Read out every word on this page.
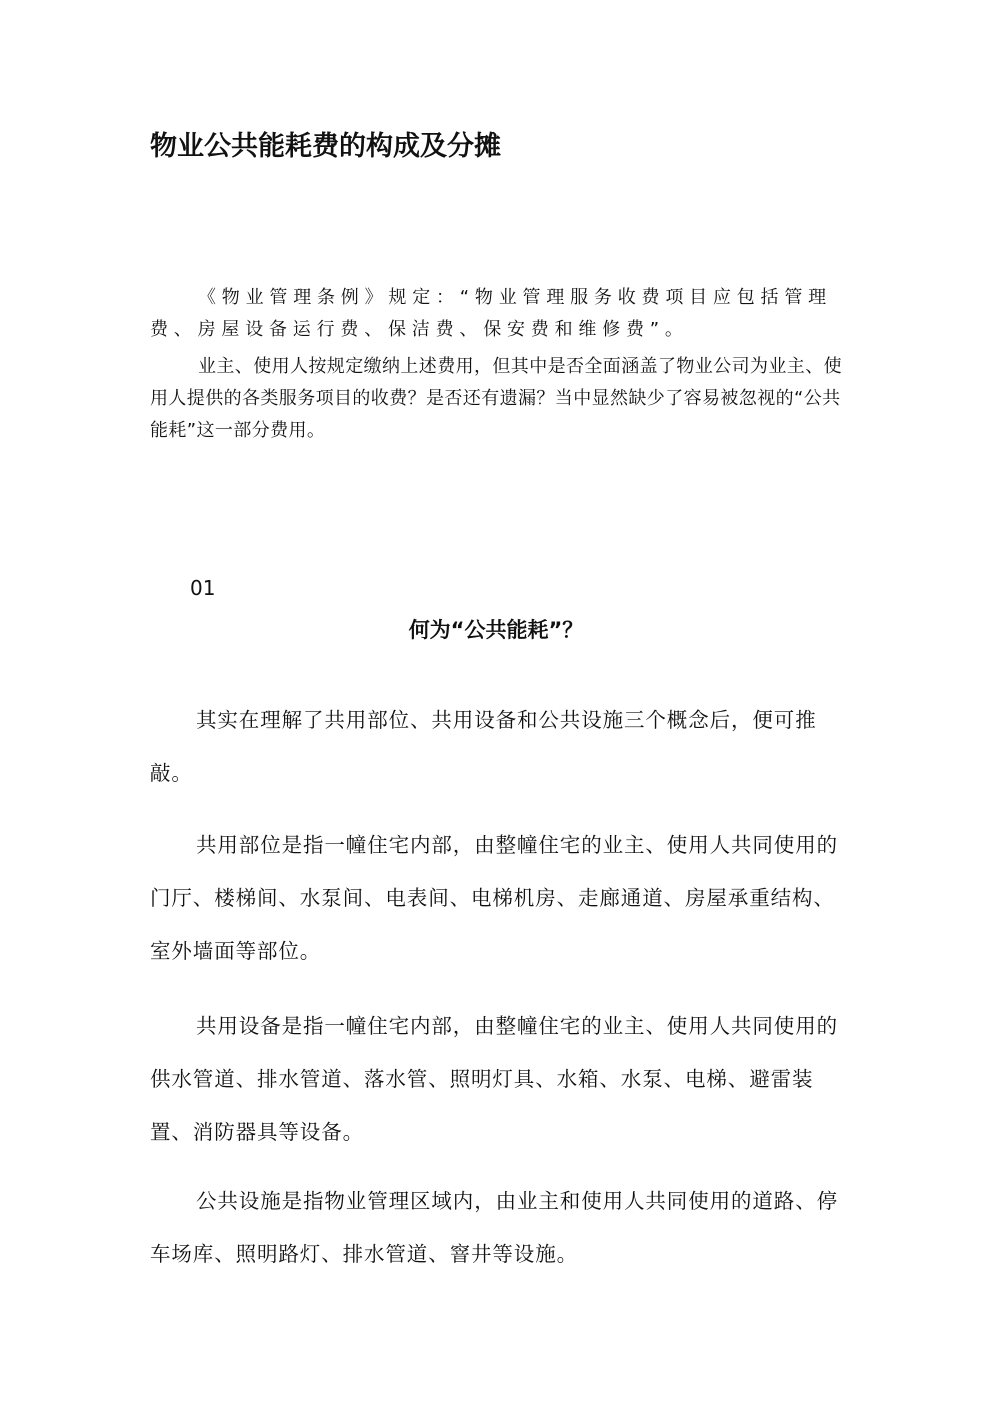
物业公共能耗费的构成及分摊

《物业管理条例》规定：“物业管理服务收费项目应包括管理费、房屋设备运行费、保洁费、保安费和维修费”。

业主、使用人按规定缴纳上述费用，但其中是否全面涵盖了物业公司为业主、使用人提供的各类服务项目的收费？是否还有遗漏？当中显然缺少了容易被忽视的“公共能耗”这一部分费用。

01
何为“公共能耗”？

其实在理解了共用部位、共用设备和公共设施三个概念后，便可推敲。

共用部位是指一幢住宅内部，由整幢住宅的业主、使用人共同使用的门厅、楼梯间、水泵间、电表间、电梯机房、走廊通道、房屋承重结构、室外墙面等部位。

共用设备是指一幢住宅内部，由整幢住宅的业主、使用人共同使用的供水管道、排水管道、落水管、照明灯具、水箱、水泵、电梯、避雷装置、消防器具等设备。

公共设施是指物业管理区域内，由业主和使用人共同使用的道路、停车场库、照明路灯、排水管道、窨井等设施。
